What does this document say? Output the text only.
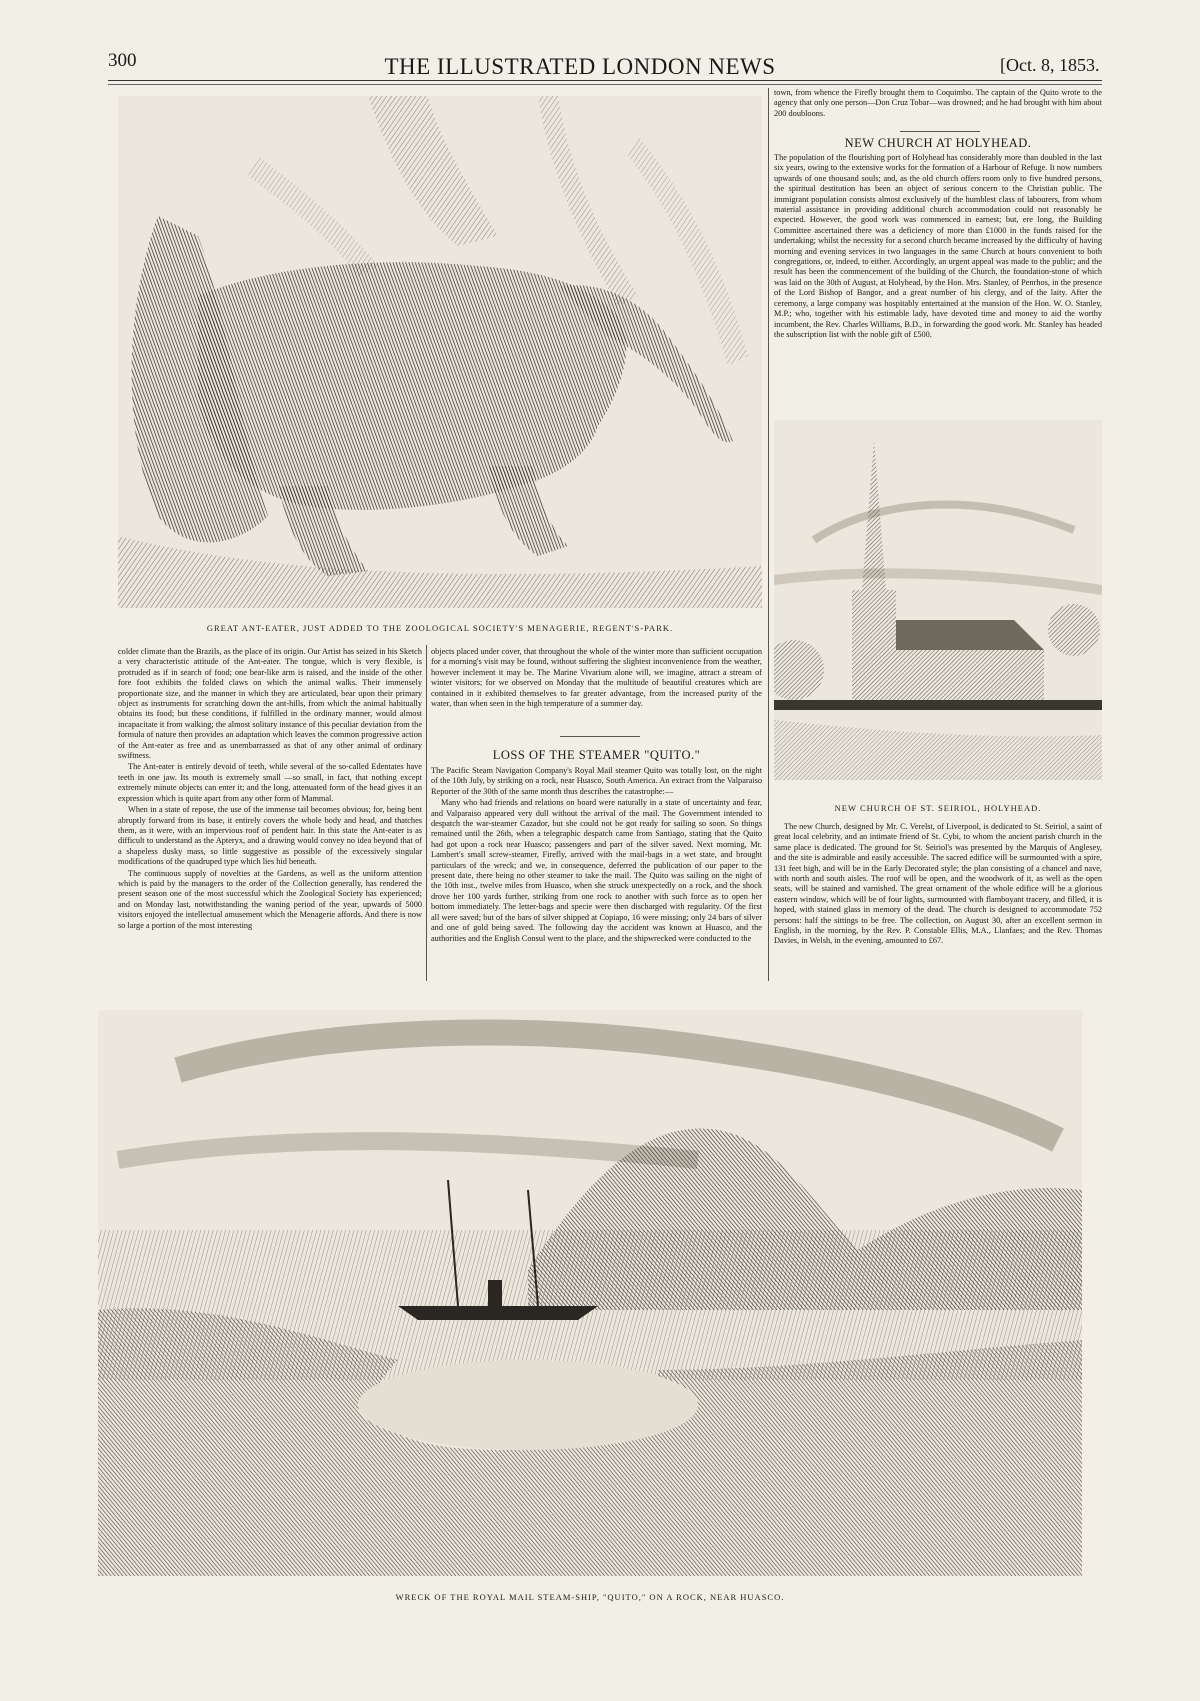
300	THE ILLUSTRATED LONDON NEWS	[Oct. 8, 1853.
GREAT ANT-EATER, JUST ADDED TO THE ZOOLOGICAL SOCIETY'S MENAGERIE, REGENT'S-PARK.

colder climate than the Brazils, as the place of its origin. Our Artist has seized in his Sketch a very characteristic attitude of the Ant-eater. The tongue, which is very flexible, is protruded as if in search of food; one bear-like arm is raised, and the inside of the other fore foot exhibits the folded claws on which the animal walks. Their immensely proportionate size, and the manner in which they are articulated, bear upon their primary object as instruments for scratching down the ant-hills, from which the animal habitually obtains its food; but these conditions, if fulfilled in the ordinary manner, would almost incapacitate it from walking; the almost solitary instance of this peculiar deviation from the formula of nature then provides an adaptation which leaves the common progressive action of the Ant-eater as free and as unembarrassed as that of any other animal of ordinary swiftness.

The Ant-eater is entirely devoid of teeth, while several of the so-called Edentates have teeth in one jaw. Its mouth is extremely small —so small, in fact, that nothing except extremely minute objects can enter it; and the long, attenuated form of the head gives it an expression which is quite apart from any other form of Mammal.

When in a state of repose, the use of the immense tail becomes obvious; for, being bent abruptly forward from its base, it entirely covers the whole body and head, and thatches them, as it were, with an impervious roof of pendent hair. In this state the Ant-eater is as difficult to understand as the Apteryx, and a drawing would convey no idea beyond that of a shapeless dusky mass, so little suggestive as possible of the excessively singular modifications of the quadruped type which lies hid beneath.

The continuous supply of novelties at the Gardens, as well as the uniform attention which is paid by the managers to the order of the Collection generally, has rendered the present season one of the most successful which the Zoological Society has experienced; and on Monday last, notwithstanding the waning period of the year, upwards of 5000 visitors enjoyed the intellectual amusement which the Menagerie affords. And there is now so large a portion of the most interesting

objects placed under cover, that throughout the whole of the winter more than sufficient occupation for a morning's visit may be found, without suffering the slightest inconvenience from the weather, however inclement it may be. The Marine Vivarium alone will, we imagine, attract a stream of winter visitors; for we observed on Monday that the multitude of beautiful creatures which are contained in it exhibited themselves to far greater advantage, from the increased purity of the water, than when seen in the high temperature of a summer day.

LOSS OF THE STEAMER "QUITO."

The Pacific Steam Navigation Company's Royal Mail steamer Quito was totally lost, on the night of the 10th July, by striking on a rock, near Huasco, South America. An extract from the Valparaiso Reporter of the 30th of the same month thus describes the catastrophe:—

Many who had friends and relations on board were naturally in a state of uncertainty and fear, and Valparaiso appeared very dull without the arrival of the mail. The Government intended to despatch the war-steamer Cazador, but she could not be got ready for sailing so soon. So things remained until the 26th, when a telegraphic despatch came from Santiago, stating that the Quito had got upon a rock near Huasco; passengers and part of the silver saved. Next morning, Mr. Lambert's small screw-steamer, Firefly, arrived with the mail-bags in a wet state, and brought particulars of the wreck; and we, in consequence, deferred the publication of our paper to the present date, there being no other steamer to take the mail. The Quito was sailing on the night of the 10th inst., twelve miles from Huasco, when she struck unexpectedly on a rock, and the shock drove her 100 yards further, striking from one rock to another with such force as to open her bottom immediately. The letter-bags and specie were then discharged with regularity. Of the first all were saved; but of the bars of silver shipped at Copiapo, 16 were missing; only 24 bars of silver and one of gold being saved. The following day the accident was known at Huasco, and the authorities and the English Consul went to the place, and the shipwrecked were conducted to the

town, from whence the Firefly brought them to Coquimbo. The captain of the Quito wrote to the agency that only one person—Don Cruz Tobar—was drowned; and he had brought with him about 200 doubloons.

NEW CHURCH AT HOLYHEAD.

The population of the flourishing port of Holyhead has considerably more than doubled in the last six years, owing to the extensive works for the formation of a Harbour of Refuge. It now numbers upwards of one thousand souls; and, as the old church offers room only to five hundred persons, the spiritual destitution has been an object of serious concern to the Christian public. The immigrant population consists almost exclusively of the humblest class of labourers, from whom material assistance in providing additional church accommodation could not reasonably be expected. However, the good work was commenced in earnest; but, ere long, the Building Committee ascertained there was a deficiency of more than £1000 in the funds raised for the undertaking; whilst the necessity for a second church became increased by the difficulty of having morning and evening services in two languages in the same Church at hours convenient to both congregations, or, indeed, to either. Accordingly, an urgent appeal was made to the public; and the result has been the commencement of the building of the Church, the foundation-stone of which was laid on the 30th of August, at Holyhead, by the Hon. Mrs. Stanley, of Penrhos, in the presence of the Lord Bishop of Bangor, and a great number of his clergy, and of the laity. After the ceremony, a large company was hospitably entertained at the mansion of the Hon. W. O. Stanley, M.P.; who, together with his estimable lady, have devoted time and money to aid the worthy incumbent, the Rev. Charles Williams, B.D., in forwarding the good work. Mr. Stanley has headed the subscription list with the noble gift of £500.

NEW CHURCH OF ST. SEIRIOL, HOLYHEAD.

The new Church, designed by Mr. C. Verelst, of Liverpool, is dedicated to St. Seiriol, a saint of great local celebrity, and an intimate friend of St. Cybi, to whom the ancient parish church in the same place is dedicated. The ground for St. Seiriol's was presented by the Marquis of Anglesey, and the site is admirable and easily accessible. The sacred edifice will be surmounted with a spire, 131 feet high, and will be in the Early Decorated style; the plan consisting of a chancel and nave, with north and south aisles. The roof will be open, and the woodwork of it, as well as the open seats, will be stained and varnished. The great ornament of the whole edifice will be a glorious eastern window, which will be of four lights, surmounted with flamboyant tracery, and filled, it is hoped, with stained glass in memory of the dead. The church is designed to accommodate 752 persons: half the sittings to be free. The collection, on August 30, after an excellent sermon in English, in the morning, by the Rev. P. Constable Ellis, M.A., Llanfaes; and the Rev. Thomas Davies, in Welsh, in the evening, amounted to £67.

WRECK OF THE ROYAL MAIL STEAM-SHIP, "QUITO," ON A ROCK, NEAR HUASCO.
